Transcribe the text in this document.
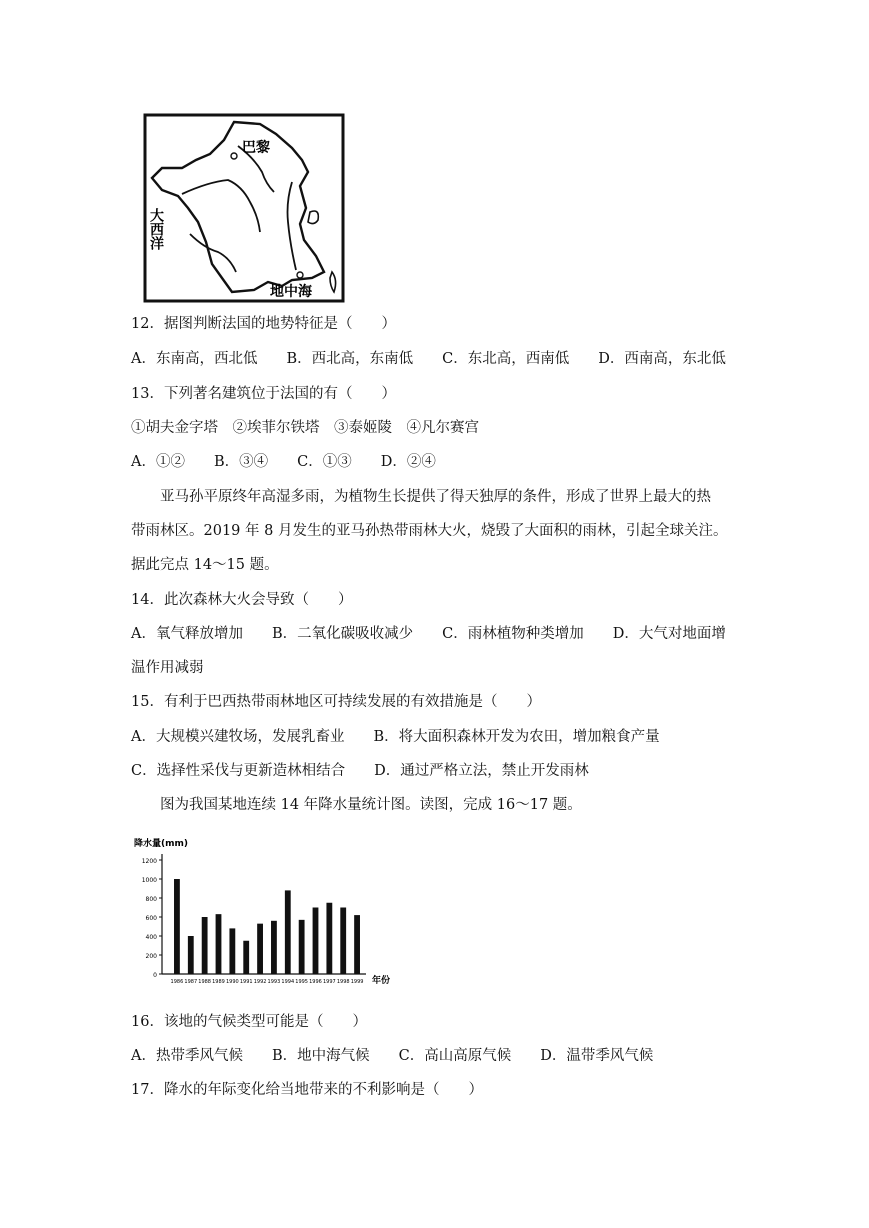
巴黎
大西洋
地中海
12．据图判断法国的地势特征是（　　）
A．东南高，西北低　　B．西北高，东南低　　C．东北高，西南低　　D．西南高，东北低
13．下列著名建筑位于法国的有（　　）
①胡夫金字塔　②埃菲尔铁塔　③泰姬陵　④凡尔赛宫
A．①②　　B．③④　　C．①③　　D．②④
亚马孙平原终年高湿多雨，为植物生长提供了得天独厚的条件，形成了世界上最大的热
带雨林区。2019 年 8 月发生的亚马孙热带雨林大火，烧毁了大面积的雨林，引起全球关注。
据此完点 14～15 题。
14．此次森林大火会导致（　　）
A．氧气释放增加　　B．二氧化碳吸收减少　　C．雨林植物种类增加　　D．大气对地面增
温作用减弱
15．有利于巴西热带雨林地区可持续发展的有效措施是（　　）
A．大规模兴建牧场，发展乳畜业　　B．将大面积森林开发为农田，增加粮食产量
C．选择性采伐与更新造林相结合　　D．通过严格立法，禁止开发雨林
图为我国某地连续 14 年降水量统计图。读图，完成 16～17 题。
降水量(mm)
0
200
400
600
800
1000
1200
1986 1987 1988 1989 1990 1991 1992 1993 1994 1995 1996 1997 1998 1999 年份
16．该地的气候类型可能是（　　）
A．热带季风气候　　B．地中海气候　　C．高山高原气候　　D．温带季风气候
17．降水的年际变化给当地带来的不利影响是（　　）
